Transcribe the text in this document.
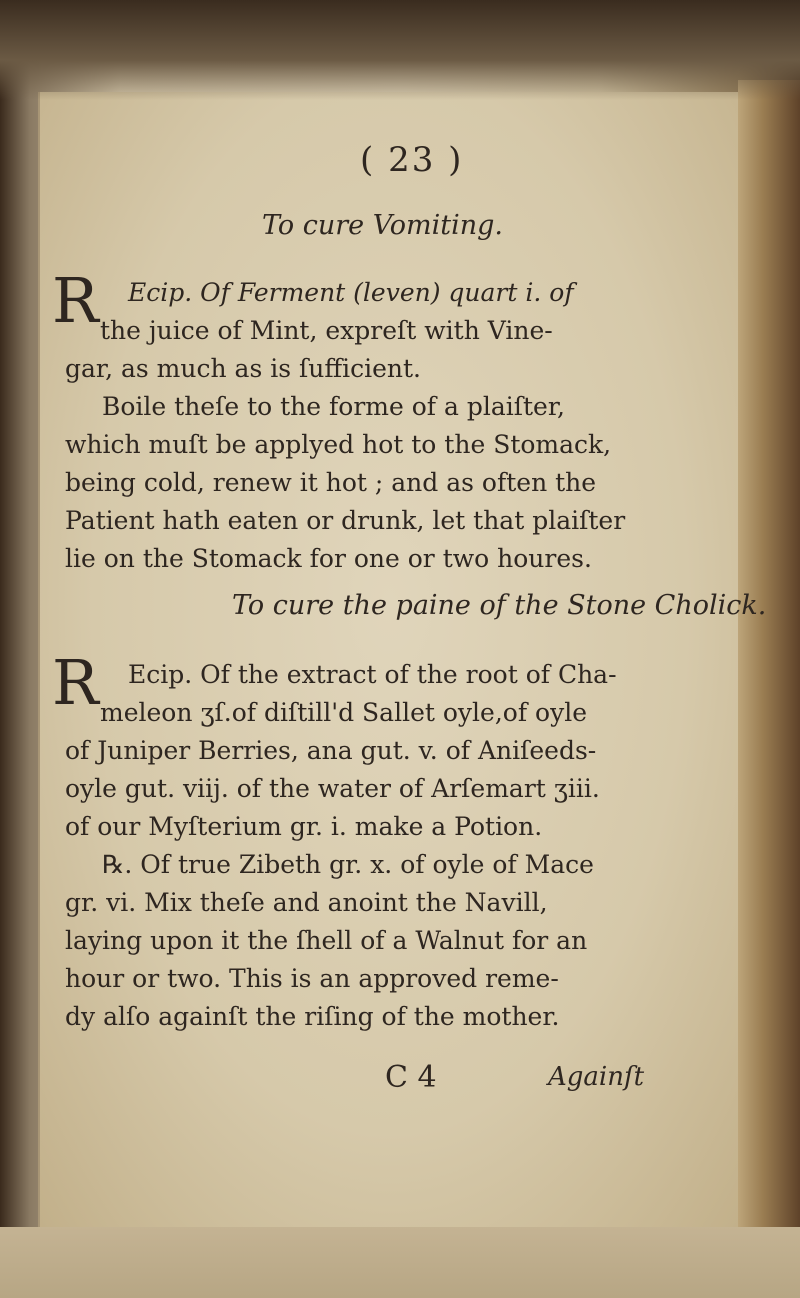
( 23 )
To cure Vomiting.
R Ecip. Of Ferment (leven) quart i. of
the juice of Mint, expreſt with Vine-
gar, as much as is ſufficient.
Boile theſe to the forme of a plaiſter,
which muſt be applyed hot to the Stomack,
being cold, renew it hot ; and as often the
Patient hath eaten or drunk, let that plaiſter
lie on the Stomack for one or two houres.
To cure the paine of the Stone Cholick.
R Ecip. Of the extract of the root of Cha-
meleon ʒſ.of diſtill'd Sallet oyle,of oyle
of Juniper Berries, ana gut. v. of Aniſeeds-
oyle gut. viij. of the water of Arſemart ʒiii.
of our Myſterium gr. i. make a Potion.
℞. Of true Zibeth gr. x. of oyle of Mace
gr. vi. Mix theſe and anoint the Navill,
laying upon it the ſhell of a Walnut for an
hour or two. This is an approved reme-
dy alſo againſt the riſing of the mother.
C 4	Againſt
